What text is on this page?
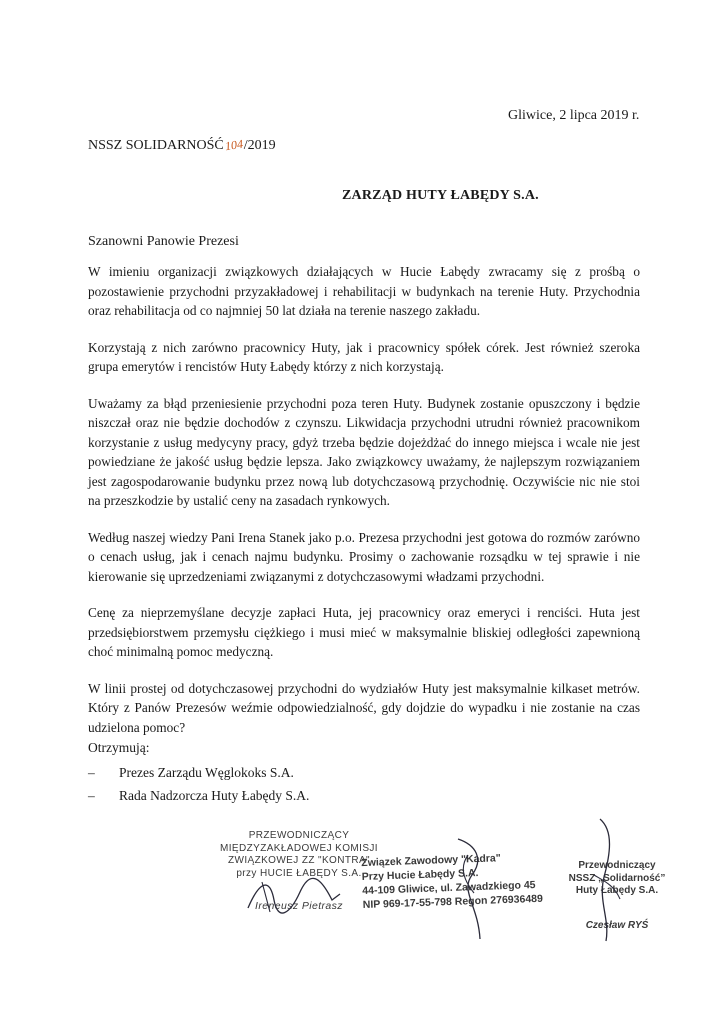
Gliwice, 2 lipca 2019 r.
NSSZ SOLIDARNOŚĆ104/2019
ZARZĄD HUTY ŁABĘDY S.A.
Szanowni Panowie Prezesi

W imieniu organizacji związkowych działających w Hucie Łabędy zwracamy się z prośbą o pozostawienie przychodni przyzakładowej i rehabilitacji w budynkach na terenie Huty. Przychodnia oraz rehabilitacja od co najmniej 50 lat działa na terenie naszego zakładu.

Korzystają z nich zarówno pracownicy Huty, jak i pracownicy spółek córek. Jest również szeroka grupa emerytów i rencistów Huty Łabędy którzy z nich korzystają.

Uważamy za błąd przeniesienie przychodni poza teren Huty. Budynek zostanie opuszczony i będzie niszczał oraz nie będzie dochodów z czynszu. Likwidacja przychodni utrudni również pracownikom korzystanie z usług medycyny pracy, gdyż trzeba będzie dojeżdżać do innego miejsca i wcale nie jest powiedziane że jakość usług będzie lepsza. Jako związkowcy uważamy, że najlepszym rozwiązaniem jest zagospodarowanie budynku przez nową lub dotychczasową przychodnię. Oczywiście nic nie stoi na przeszkodzie by ustalić ceny na zasadach rynkowych.

Według naszej wiedzy Pani Irena Stanek jako p.o. Prezesa przychodni jest gotowa do rozmów zarówno o cenach usług, jak i cenach najmu budynku. Prosimy o zachowanie rozsądku w tej sprawie i nie kierowanie się uprzedzeniami związanymi z dotychczasowymi władzami przychodni.

Cenę za nieprzemyślane decyzje zapłaci Huta, jej pracownicy oraz emeryci i renciści. Huta jest przedsiębiorstwem przemysłu ciężkiego i musi mieć w maksymalnie bliskiej odległości zapewnioną choć minimalną pomoc medyczną.

W linii prostej od dotychczasowej przychodni do wydziałów Huty jest maksymalnie kilkaset metrów. Który z Panów Prezesów weźmie odpowiedzialność, gdy dojdzie do wypadku i nie zostanie na czas udzielona pomoc?

Otrzymują:
– Prezes Zarządu Węglokoks S.A.
– Rada Nadzorcza Huty Łabędy S.A.
PRZEWODNICZĄCY
MIĘDZYZAKŁADOWEJ KOMISJI
ZWIĄZKOWEJ ZZ "KONTRA"
przy HUCIE ŁABĘDY S.A.
Ireneusz Pietrasz
Związek Zawodowy "Kadra"
Przy Hucie Łabędy S.A.
44-109 Gliwice, ul. Zawadzkiego 45
NIP 969-17-55-798 Regon 276936489
Przewodniczący
NSSZ „Solidarność”
Huty Łabędy S.A.
Czesław RYŚ
